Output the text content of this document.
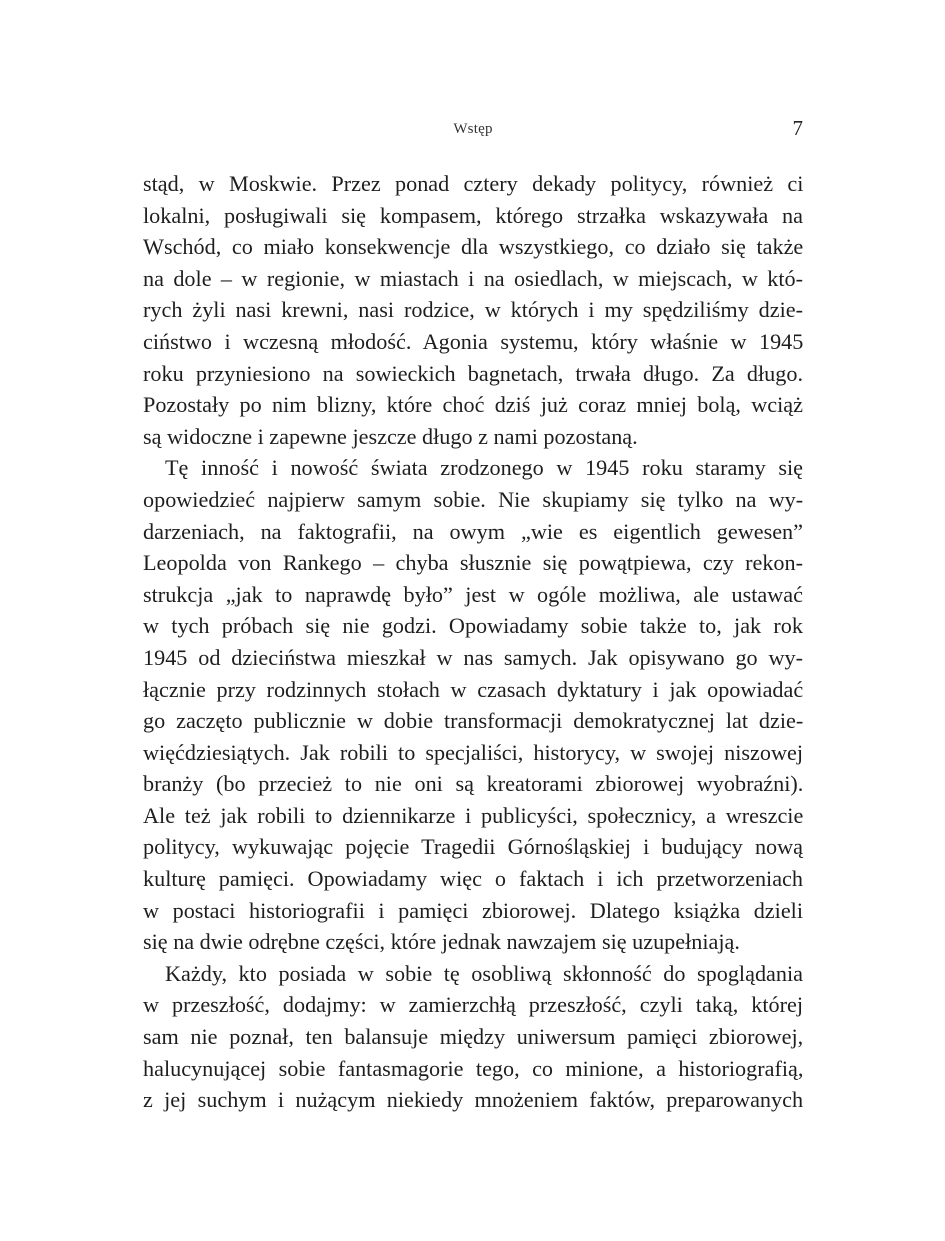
Wstęp	7
stąd, w Moskwie. Przez ponad cztery dekady politycy, również ci
lokalni, posługiwali się kompasem, którego strzałka wskazywała na
Wschód, co miało konsekwencje dla wszystkiego, co działo się także
na dole – w regionie, w miastach i na osiedlach, w miejscach, w któ-
rych żyli nasi krewni, nasi rodzice, w których i my spędziliśmy dzie-
ciństwo i wczesną młodość. Agonia systemu, który właśnie w 1945
roku przyniesiono na sowieckich bagnetach, trwała długo. Za długo.
Pozostały po nim blizny, które choć dziś już coraz mniej bolą, wciąż
są widoczne i zapewne jeszcze długo z nami pozostaną.
Tę inność i nowość świata zrodzonego w 1945 roku staramy się
opowiedzieć najpierw samym sobie. Nie skupiamy się tylko na wy-
darzeniach, na faktografii, na owym „wie es eigentlich gewesen”
Leopolda von Rankego – chyba słusznie się powątpiewa, czy rekon-
strukcja „jak to naprawdę było” jest w ogóle możliwa, ale ustawać
w tych próbach się nie godzi. Opowiadamy sobie także to, jak rok
1945 od dzieciństwa mieszkał w nas samych. Jak opisywano go wy-
łącznie przy rodzinnych stołach w czasach dyktatury i jak opowiadać
go zaczęto publicznie w dobie transformacji demokratycznej lat dzie-
więćdziesiątych. Jak robili to specjaliści, historycy, w swojej niszowej
branży (bo przecież to nie oni są kreatorami zbiorowej wyobraźni).
Ale też jak robili to dziennikarze i publicyści, społecznicy, a wreszcie
politycy, wykuwając pojęcie Tragedii Górnośląskiej i budujący nową
kulturę pamięci. Opowiadamy więc o faktach i ich przetworzeniach
w postaci historiografii i pamięci zbiorowej. Dlatego książka dzieli
się na dwie odrębne części, które jednak nawzajem się uzupełniają.
Każdy, kto posiada w sobie tę osobliwą skłonność do spoglądania
w przeszłość, dodajmy: w zamierzchłą przeszłość, czyli taką, której
sam nie poznał, ten balansuje między uniwersum pamięci zbiorowej,
halucynującej sobie fantasmagorie tego, co minione, a historiografią,
z jej suchym i nużącym niekiedy mnożeniem faktów, preparowanych
